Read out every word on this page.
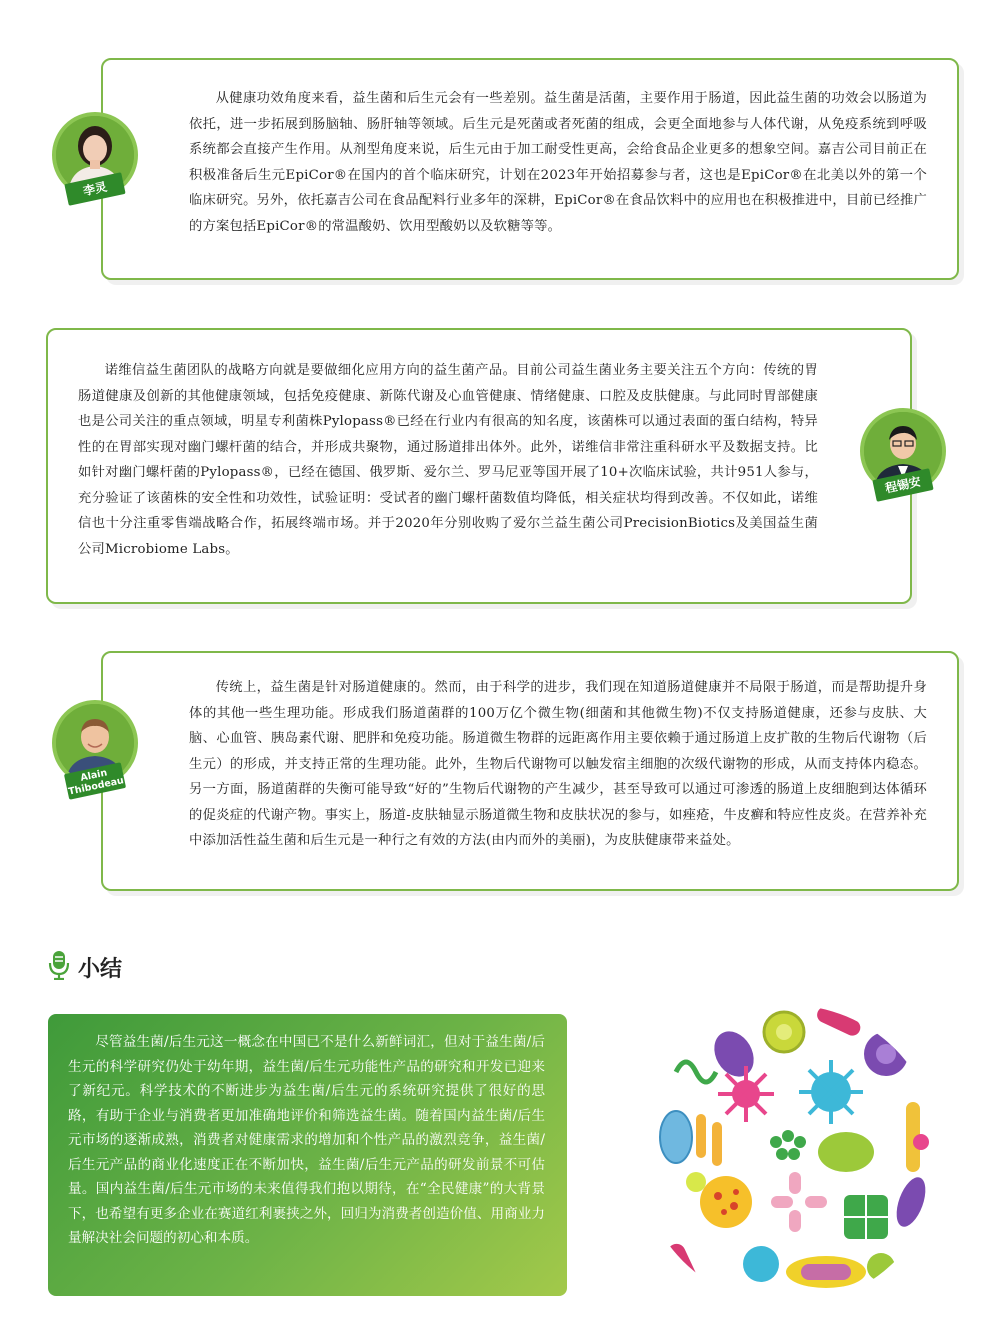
从健康功效角度来看，益生菌和后生元会有一些差别。益生菌是活菌，主要作用于肠道，因此益生菌的功效会以肠道为依托，进一步拓展到肠脑轴、肠肝轴等领域。后生元是死菌或者死菌的组成，会更全面地参与人体代谢，从免疫系统到呼吸系统都会直接产生作用。从剂型角度来说，后生元由于加工耐受性更高，会给食品企业更多的想象空间。嘉吉公司目前正在积极准备后生元EpiCor®在国内的首个临床研究，计划在2023年开始招募参与者，这也是EpiCor®在北美以外的第一个临床研究。另外，依托嘉吉公司在食品配料行业多年的深耕，EpiCor®在食品饮料中的应用也在积极推进中，目前已经推广的方案包括EpiCor®的常温酸奶、饮用型酸奶以及软糖等等。

李灵

诺维信益生菌团队的战略方向就是要做细化应用方向的益生菌产品。目前公司益生菌业务主要关注五个方向：传统的胃肠道健康及创新的其他健康领域，包括免疫健康、新陈代谢及心血管健康、情绪健康、口腔及皮肤健康。与此同时胃部健康也是公司关注的重点领域，明星专利菌株Pylopass®已经在行业内有很高的知名度，该菌株可以通过表面的蛋白结构，特异性的在胃部实现对幽门螺杆菌的结合，并形成共聚物，通过肠道排出体外。此外，诺维信非常注重科研水平及数据支持。比如针对幽门螺杆菌的Pylopass®，已经在德国、俄罗斯、爱尔兰、罗马尼亚等国开展了10+次临床试验，共计951人参与，充分验证了该菌株的安全性和功效性，试验证明：受试者的幽门螺杆菌数值均降低，相关症状均得到改善。不仅如此，诺维信也十分注重零售端战略合作，拓展终端市场。并于2020年分别收购了爱尔兰益生菌公司PrecisionBiotics及美国益生菌公司Microbiome Labs。

程锡安

传统上，益生菌是针对肠道健康的。然而，由于科学的进步，我们现在知道肠道健康并不局限于肠道，而是帮助提升身体的其他一些生理功能。形成我们肠道菌群的100万亿个微生物(细菌和其他微生物)不仅支持肠道健康，还参与皮肤、大脑、心血管、胰岛素代谢、肥胖和免疫功能。肠道微生物群的远距离作用主要依赖于通过肠道上皮扩散的生物后代谢物（后生元）的形成，并支持正常的生理功能。此外，生物后代谢物可以触发宿主细胞的次级代谢物的形成，从而支持体内稳态。另一方面，肠道菌群的失衡可能导致“好的”生物后代谢物的产生减少，甚至导致可以通过可渗透的肠道上皮细胞到达体循环的促炎症的代谢产物。事实上，肠道-皮肤轴显示肠道微生物和皮肤状况的参与，如痤疮，牛皮癣和特应性皮炎。在营养补充中添加活性益生菌和后生元是一种行之有效的方法(由内而外的美丽)，为皮肤健康带来益处。

Alain Thibodeau
小结

尽管益生菌/后生元这一概念在中国已不是什么新鲜词汇，但对于益生菌/后生元的科学研究仍处于幼年期，益生菌/后生元功能性产品的研究和开发已迎来了新纪元。科学技术的不断进步为益生菌/后生元的系统研究提供了很好的思路，有助于企业与消费者更加准确地评价和筛选益生菌。随着国内益生菌/后生元市场的逐渐成熟，消费者对健康需求的增加和个性产品的激烈竞争，益生菌/后生元产品的商业化速度正在不断加快，益生菌/后生元产品的研发前景不可估量。国内益生菌/后生元市场的未来值得我们抱以期待，在“全民健康”的大背景下，也希望有更多企业在赛道红利裹挟之外，回归为消费者创造价值、用商业力量解决社会问题的初心和本质。
